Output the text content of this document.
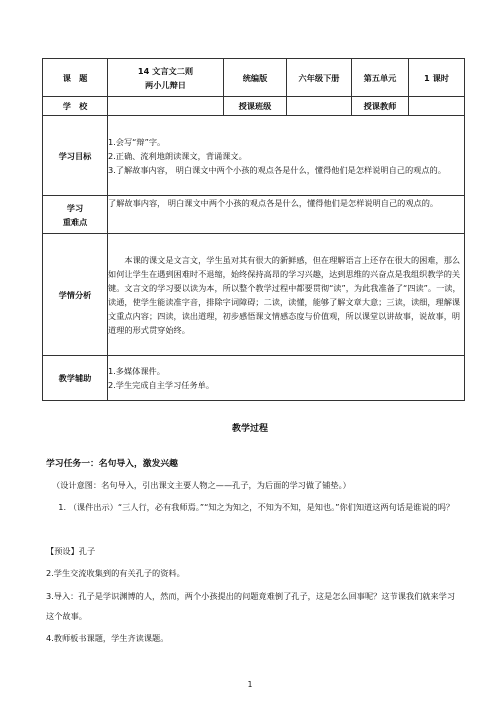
课　题	14 文言文二则
两小儿辩日	统编版	六年级下册	第五单元	1 课时
学　校		授课班级		授课教师	
学习目标	1.会写“辩”字。

2.正确、流利地朗读课文，背诵课文。

3.了解故事内容， 明白课文中两个小孩的观点各是什么，懂得他们是怎样说明自己的观点的。				

学习
重难点	了解故事内容， 明白课文中两个小孩的观点各是什么，懂得他们是怎样说明自己的观点的。				
学情分析	本课的课文是文言文，学生虽对其有很大的新鲜感，但在理解语言上还存在很大的困难，那么如何让学生在遇到困难时不退缩，始终保持高昂的学习兴趣，达到思维的兴奋点是我组织教学的关键。文言文的学习要以读为本，所以整个教学过程中都要贯彻“读”，为此我准备了“四读”。一读，读通，使学生能读准字音，排除字词障碍；二读，读懂，能够了解文章大意；三读，读细，理解课文重点内容；四读，读出道理，初步感悟课文情感态度与价值观，所以课堂以讲故事，说故事，明道理的形式贯穿始终。				
教学辅助	1.多媒体课件。

2.学生完成自主学习任务单。				

教学过程
学习任务一：名句导入，激发兴趣
（设计意图：名句导入，引出课文主要人物之——孔子，为后面的学习做了铺垫。）
1. （课件出示）“三人行，必有我师焉。”“知之为知之，不知为不知，是知也。”你们知道这两句话是谁说的吗？
【预设】孔子
2.学生交流收集到的有关孔子的资料。
3.导入：孔子是学识渊博的人，然而，两个小孩提出的问题竟难倒了孔子，这是怎么回事呢？这节课我们就来学习这个故事。
4.教师板书课题，学生齐读课题。
1
